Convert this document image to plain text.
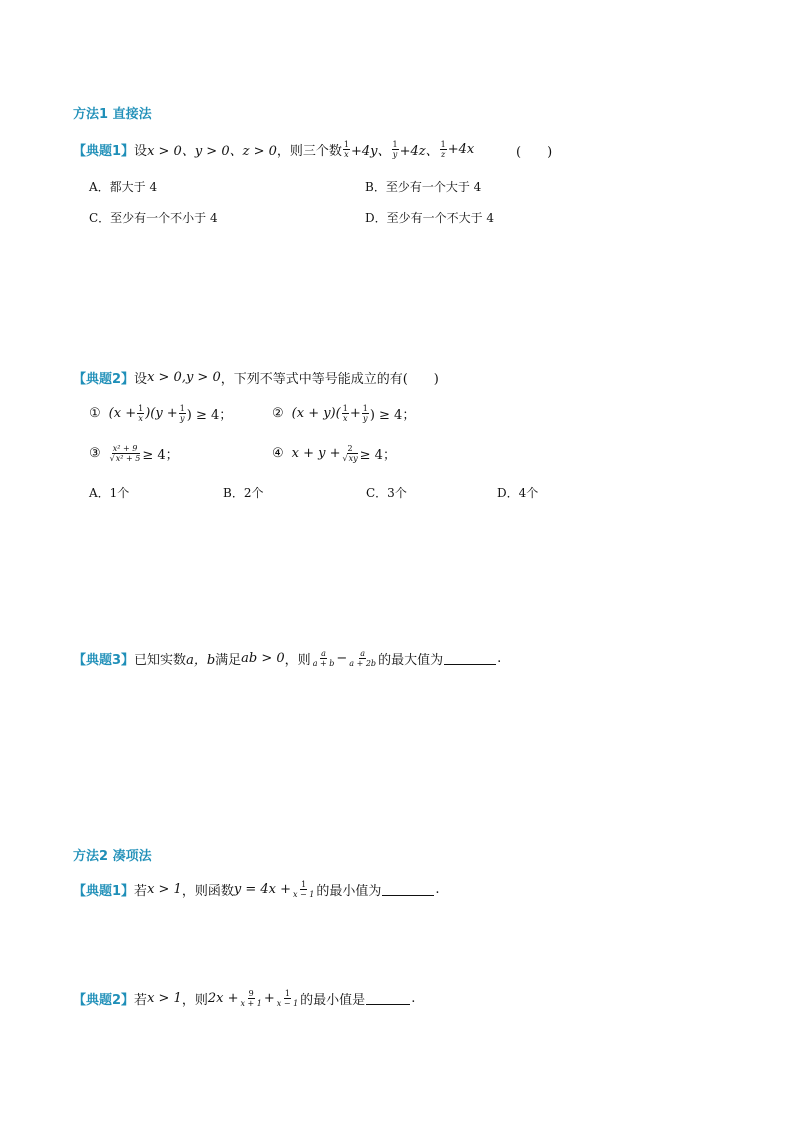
方法1 直接法
【典题1】 设 x > 0、y > 0、z > 0 ，则三个数 $\frac{1}{x} +4y$、 $\frac{1}{y} +4z$、 $\frac{1}{z} +4x$	(　　)
A．都大于 4	B．至少有一个大于 4
C．至少有一个不小于 4	D．至少有一个不大于 4
【典题2】 设 x > 0,y > 0 ，下列不等式中等号能成立的有(　　)
① $(x + \frac{1}{x} )(y + \frac{1}{y}$ ) ≥ 4；	② $(x + y)( \frac{1}{x} + \frac{1}{y}$ ) ≥ 4；
③ $\frac{\text{x² + 9}}{\text{√x² + 5}} \ge 4$；	④ $x + y + \frac{2}{√xy} \ge 4$；
A．1个	B．2个	C．3个	D．4个
【典题3】 已知实数 a，b 满足 ab > 0 ，则 $\frac{a}{a + b} - \frac{a}{a + 2b}$ 的最大值为	.
方法2 凑项法
【典题1】 若 x > 1 ，则函数 $y = 4x + \frac{1}{x - 1}$ 的最小值为	.
【典题2】 若 x > 1 ，则 $2x + \frac{9}{x + 1} + \frac{1}{x - 1}$ 的最小值是	.
